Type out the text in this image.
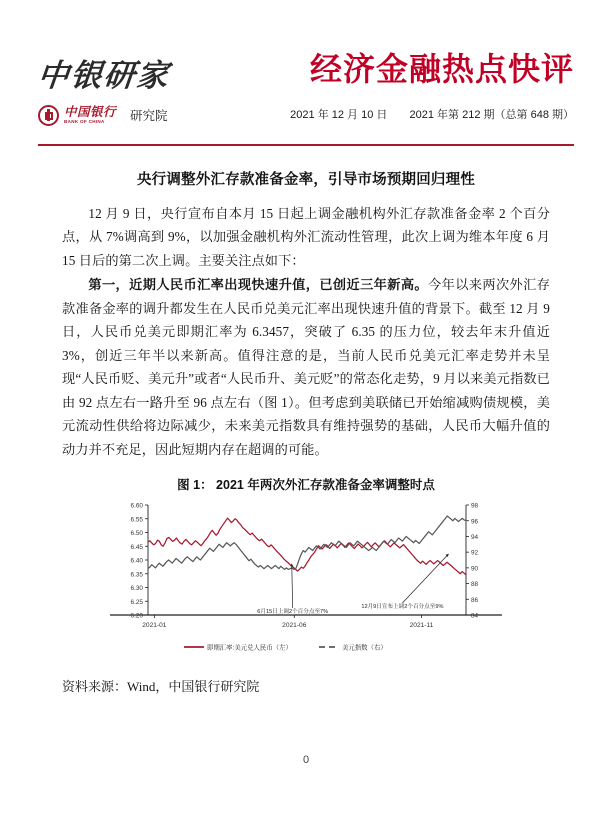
中银研家	经济金融热点快评
中国银行
BANK OF CHINA	研究院	2021 年 12 月 10 日 2021 年第 212 期（总第 648 期）
央行调整外汇存款准备金率，引导市场预期回归理性

12 月 9 日，央行宣布自本月 15 日起上调金融机构外汇存款准备金率 2 个百分点，从 7%调高到 9%，以加强金融机构外汇流动性管理，此次上调为维本年度 6 月 15 日后的第二次上调。主要关注点如下：

第一，近期人民币汇率出现快速升值，已创近三年新高。今年以来两次外汇存款准备金率的调升都发生在人民币兑美元汇率出现快速升值的背景下。截至 12 月 9 日，人民币兑美元即期汇率为 6.3457，突破了 6.35 的压力位，较去年末升值近 3%，创近三年半以来新高。值得注意的是，当前人民币兑美元汇率走势并未呈现“人民币贬、美元升”或者“人民币升、美元贬”的常态化走势，9 月以来美元指数已由 92 点左右一路升至 96 点左右（图 1）。但考虑到美联储已开始缩减购债规模，美元流动性供给将边际减少，未来美元指数具有维持强势的基础，人民币大幅升值的动力并不充足，因此短期内存在超调的可能。

图 1： 2021 年两次外汇存款准备金率调整时点
6.60
6.55
6.50
6.45
6.40
6.35
6.30
6.25
6.20
98
96
94
92
90
88
86
84
2021-01	2021-06	2021-11
6月15日上调2个百分点至7%
12月9日宣布上调2个百分点至9%
即期汇率:美元兑人民币（左）	美元指数（右）
资料来源：Wind，中国银行研究院
0
